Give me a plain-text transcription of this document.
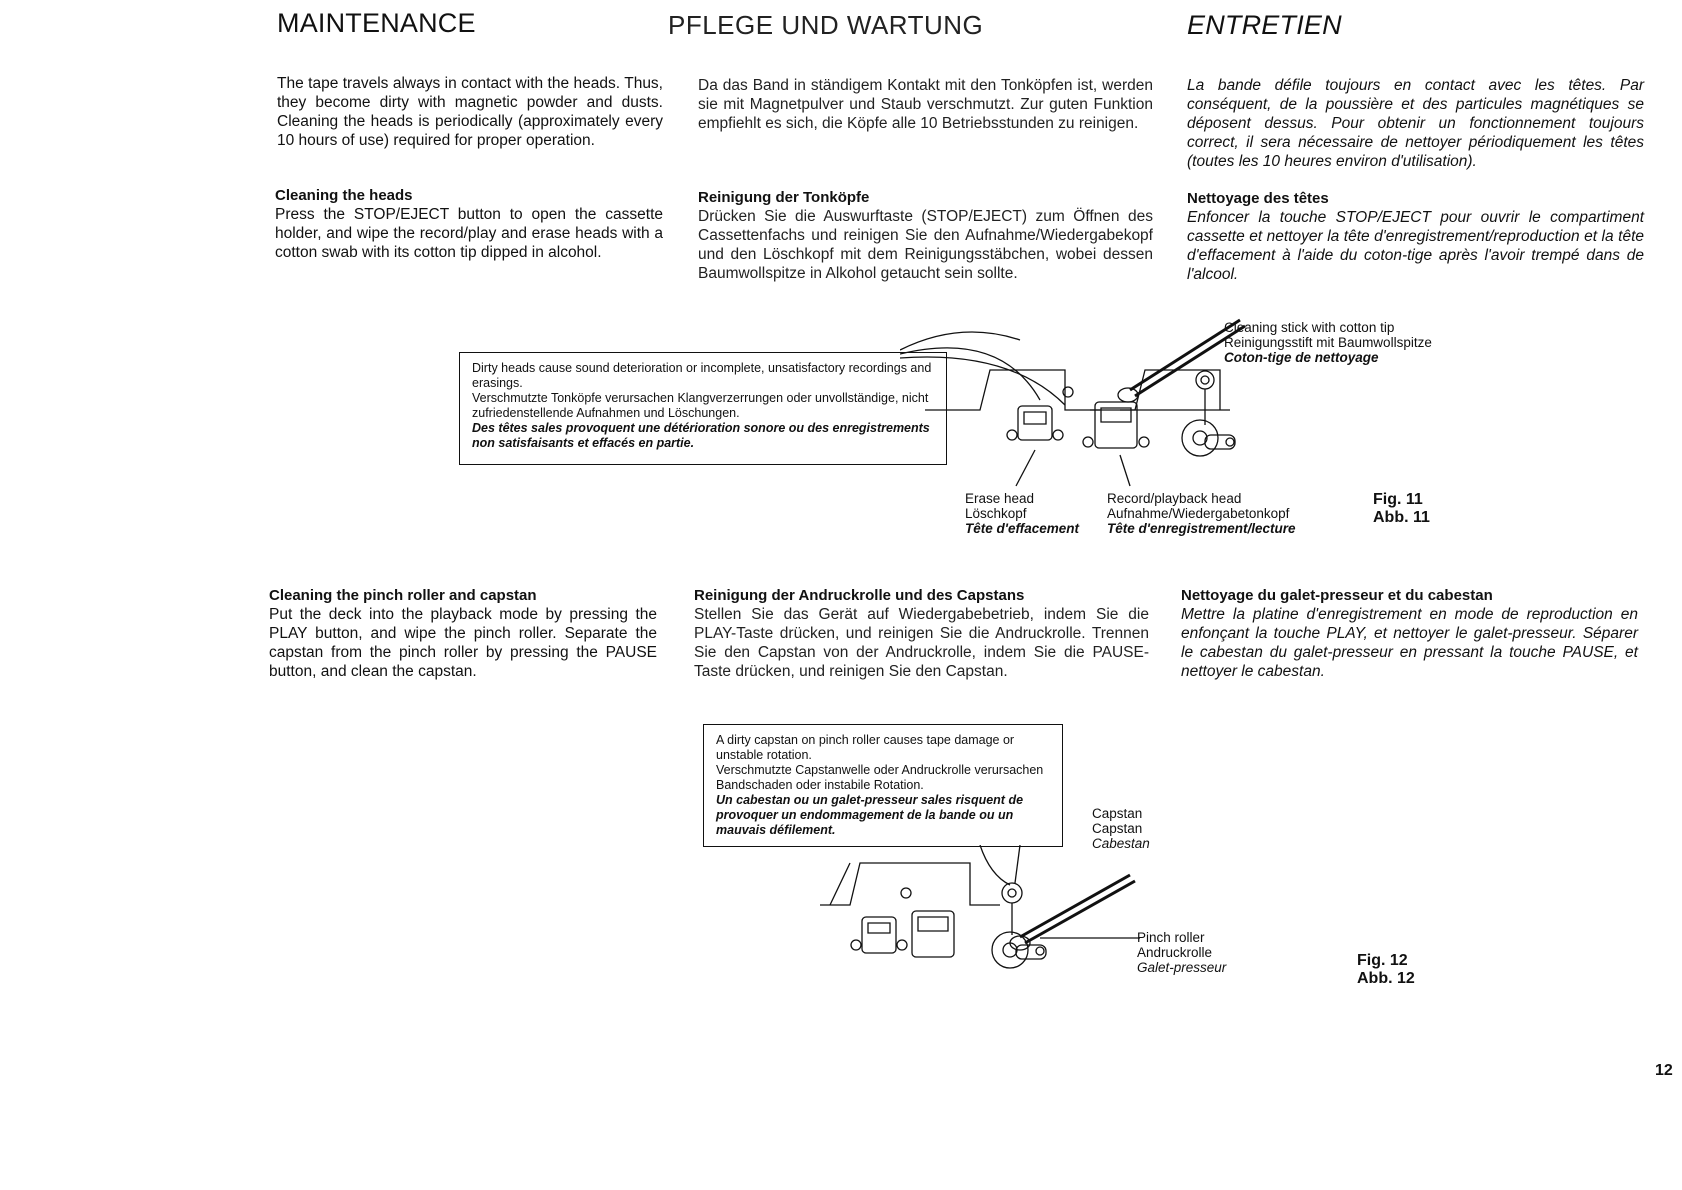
MAINTENANCE	PFLEGE UND WARTUNG	ENTRETIEN

The tape travels always in contact with the heads. Thus, they become dirty with magnetic powder and dusts. Cleaning the heads is periodically (approximately every 10 hours of use) required for proper operation.

Da das Band in ständigem Kontakt mit den Tonköpfen ist, werden sie mit Magnetpulver und Staub verschmutzt. Zur guten Funktion empfiehlt es sich, die Köpfe alle 10 Betriebsstunden zu reinigen.

La bande défile toujours en contact avec les têtes. Par conséquent, de la poussière et des particules magnétiques se déposent dessus. Pour obtenir un fonctionnement toujours correct, il sera nécessaire de nettoyer périodiquement les têtes (toutes les 10 heures environ d'utilisation).

Cleaning the heads

Press the STOP/EJECT button to open the cassette holder, and wipe the record/play and erase heads with a cotton swab with its cotton tip dipped in alcohol.

Reinigung der Tonköpfe

Drücken Sie die Auswurftaste (STOP/EJECT) zum Öffnen des Cassettenfachs und reinigen Sie den Aufnahme/Wiedergabekopf und den Löschkopf mit dem Reinigungsstäbchen, wobei dessen Baumwollspitze in Alkohol getaucht sein sollte.

Nettoyage des têtes

Enfoncer la touche STOP/EJECT pour ouvrir le compartiment cassette et nettoyer la tête d'enregistrement/reproduction et la tête d'effacement à l'aide du coton-tige après l'avoir trempé dans de l'alcool.

Dirty heads cause sound deterioration or incomplete, unsatisfactory recordings and erasings.

Verschmutzte Tonköpfe verursachen Klangverzerrungen oder unvollständige, nicht zufriedenstellende Aufnahmen und Löschungen.

Des têtes sales provoquent une détérioration sonore ou des enregistrements non satisfaisants et effacés en partie.

Cleaning stick with cotton tip
Reinigungsstift mit Baumwollspitze
Coton-tige de nettoyage
Erase head
Löschkopf
Tête d'effacement
Record/playback head
Aufnahme/Wiedergabetonkopf
Tête d'enregistrement/lecture
Fig. 11
Abb. 11

Cleaning the pinch roller and capstan

Put the deck into the playback mode by pressing the PLAY button, and wipe the pinch roller. Separate the capstan from the pinch roller by pressing the PAUSE button, and clean the capstan.

Reinigung der Andruckrolle und des Capstans

Stellen Sie das Gerät auf Wiedergabebetrieb, indem Sie die PLAY-Taste drücken, und reinigen Sie die Andruckrolle. Trennen Sie den Capstan von der Andruckrolle, indem Sie die PAUSE-Taste drücken, und reinigen Sie den Capstan.

Nettoyage du galet-presseur et du cabestan

Mettre la platine d'enregistrement en mode de reproduction en enfonçant la touche PLAY, et nettoyer le galet-presseur. Séparer le cabestan du galet-presseur en pressant la touche PAUSE, et nettoyer le cabestan.

A dirty capstan on pinch roller causes tape damage or unstable rotation.

Verschmutzte Capstanwelle oder Andruckrolle verursachen Bandschaden oder instabile Rotation.

Un cabestan ou un galet-presseur sales risquent de provoquer un endommagement de la bande ou un mauvais défilement.

Capstan
Capstan
Cabestan
Pinch roller
Andruckrolle
Galet-presseur	Fig. 12
Abb. 12
12
